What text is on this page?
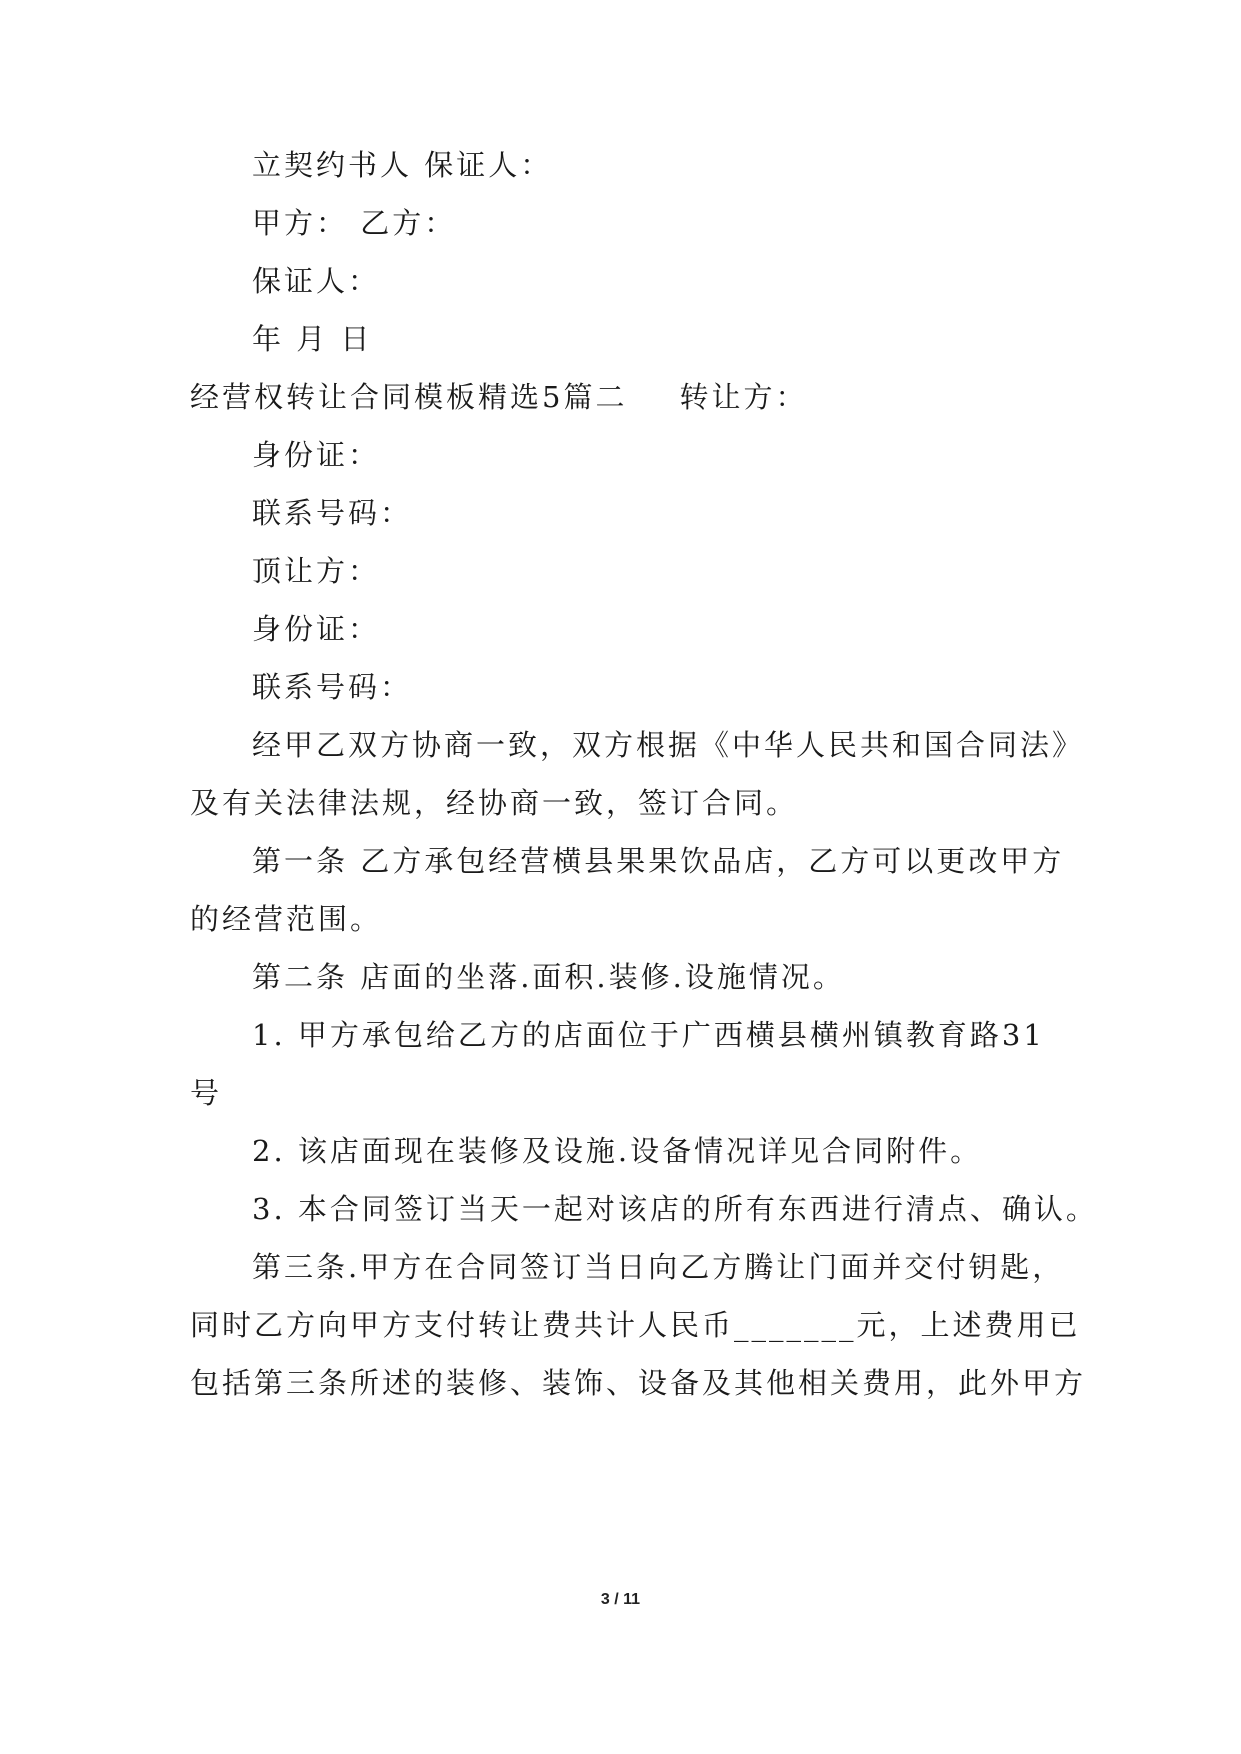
立契约书人 保证人：
甲方： 乙方：
保证人：
年 月 日
经营权转让合同模板精选5篇二 转让方：
身份证：
联系号码：
顶让方：
身份证：
联系号码：
经甲乙双方协商一致，双方根据《中华人民共和国合同法》
及有关法律法规，经协商一致，签订合同。
第一条 乙方承包经营横县果果饮品店，乙方可以更改甲方
的经营范围。
第二条 店面的坐落.面积.装修.设施情况。
1. 甲方承包给乙方的店面位于广西横县横州镇教育路31
号
2. 该店面现在装修及设施.设备情况详见合同附件。
3. 本合同签订当天一起对该店的所有东西进行清点、确认。
第三条.甲方在合同签订当日向乙方腾让门面并交付钥匙，
同时乙方向甲方支付转让费共计人民币_______元，上述费用已
包括第三条所述的装修、装饰、设备及其他相关费用，此外甲方
3 / 11
